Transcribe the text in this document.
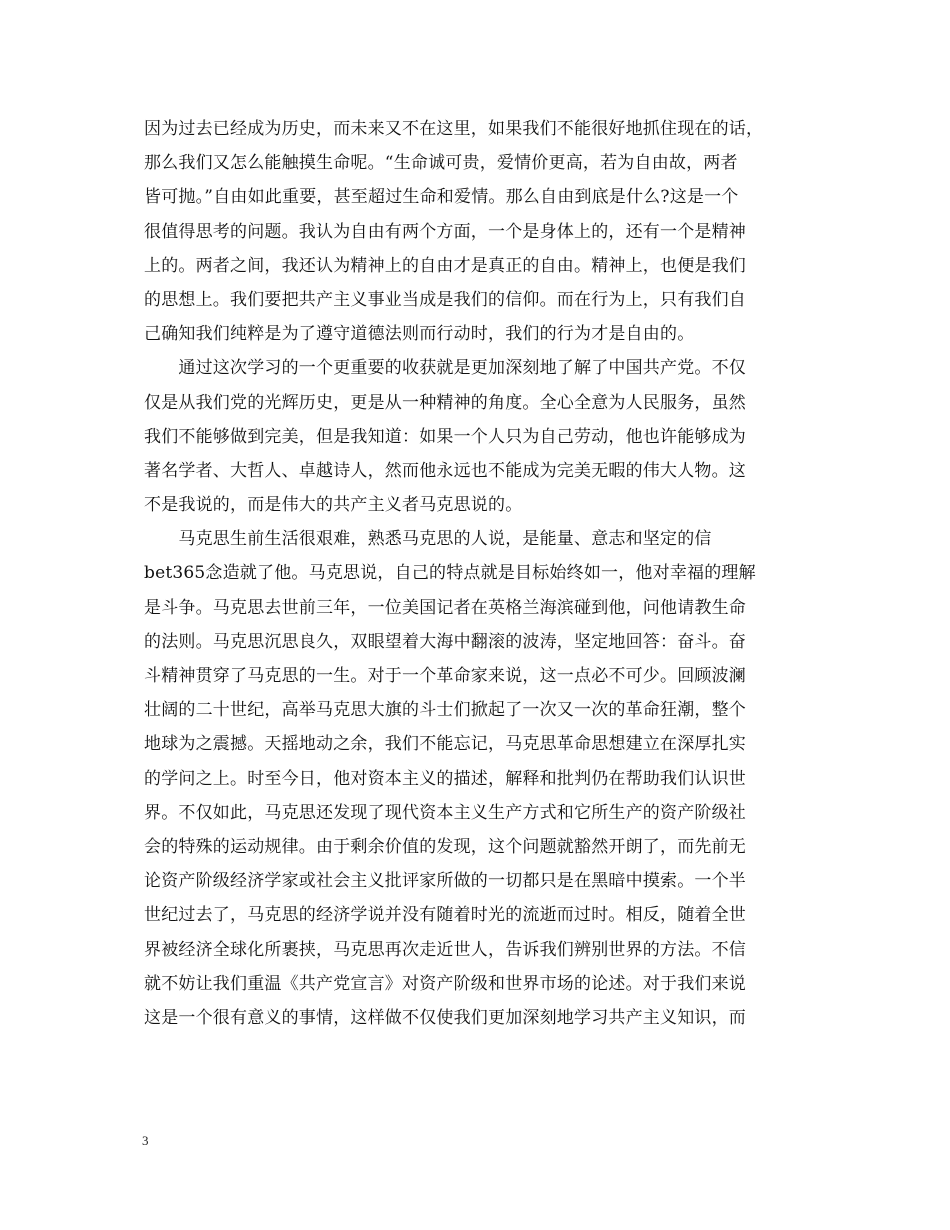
因为过去已经成为历史，而未来又不在这里，如果我们不能很好地抓住现在的话，
那么我们又怎么能触摸生命呢。“生命诚可贵，爱情价更高，若为自由故，两者
皆可抛。”自由如此重要，甚至超过生命和爱情。那么自由到底是什么?这是一个
很值得思考的问题。我认为自由有两个方面，一个是身体上的，还有一个是精神
上的。两者之间，我还认为精神上的自由才是真正的自由。精神上，也便是我们
的思想上。我们要把共产主义事业当成是我们的信仰。而在行为上，只有我们自
己确知我们纯粹是为了遵守道德法则而行动时，我们的行为才是自由的。
　　通过这次学习的一个更重要的收获就是更加深刻地了解了中国共产党。不仅
仅是从我们党的光辉历史，更是从一种精神的角度。全心全意为人民服务，虽然
我们不能够做到完美，但是我知道：如果一个人只为自己劳动，他也许能够成为
著名学者、大哲人、卓越诗人，然而他永远也不能成为完美无暇的伟大人物。这
不是我说的，而是伟大的共产主义者马克思说的。
　　马克思生前生活很艰难，熟悉马克思的人说，是能量、意志和坚定的信
bet365念造就了他。马克思说，自己的特点就是目标始终如一，他对幸福的理解
是斗争。马克思去世前三年，一位美国记者在英格兰海滨碰到他，问他请教生命
的法则。马克思沉思良久，双眼望着大海中翻滚的波涛，坚定地回答：奋斗。奋
斗精神贯穿了马克思的一生。对于一个革命家来说，这一点必不可少。回顾波澜
壮阔的二十世纪，高举马克思大旗的斗士们掀起了一次又一次的革命狂潮，整个
地球为之震撼。天摇地动之余，我们不能忘记，马克思革命思想建立在深厚扎实
的学问之上。时至今日，他对资本主义的描述，解释和批判仍在帮助我们认识世
界。不仅如此，马克思还发现了现代资本主义生产方式和它所生产的资产阶级社
会的特殊的运动规律。由于剩余价值的发现，这个问题就豁然开朗了，而先前无
论资产阶级经济学家或社会主义批评家所做的一切都只是在黑暗中摸索。一个半
世纪过去了，马克思的经济学说并没有随着时光的流逝而过时。相反，随着全世
界被经济全球化所裹挟，马克思再次走近世人，告诉我们辨别世界的方法。不信
就不妨让我们重温《共产党宣言》对资产阶级和世界市场的论述。对于我们来说
这是一个很有意义的事情，这样做不仅使我们更加深刻地学习共产主义知识，而
3
